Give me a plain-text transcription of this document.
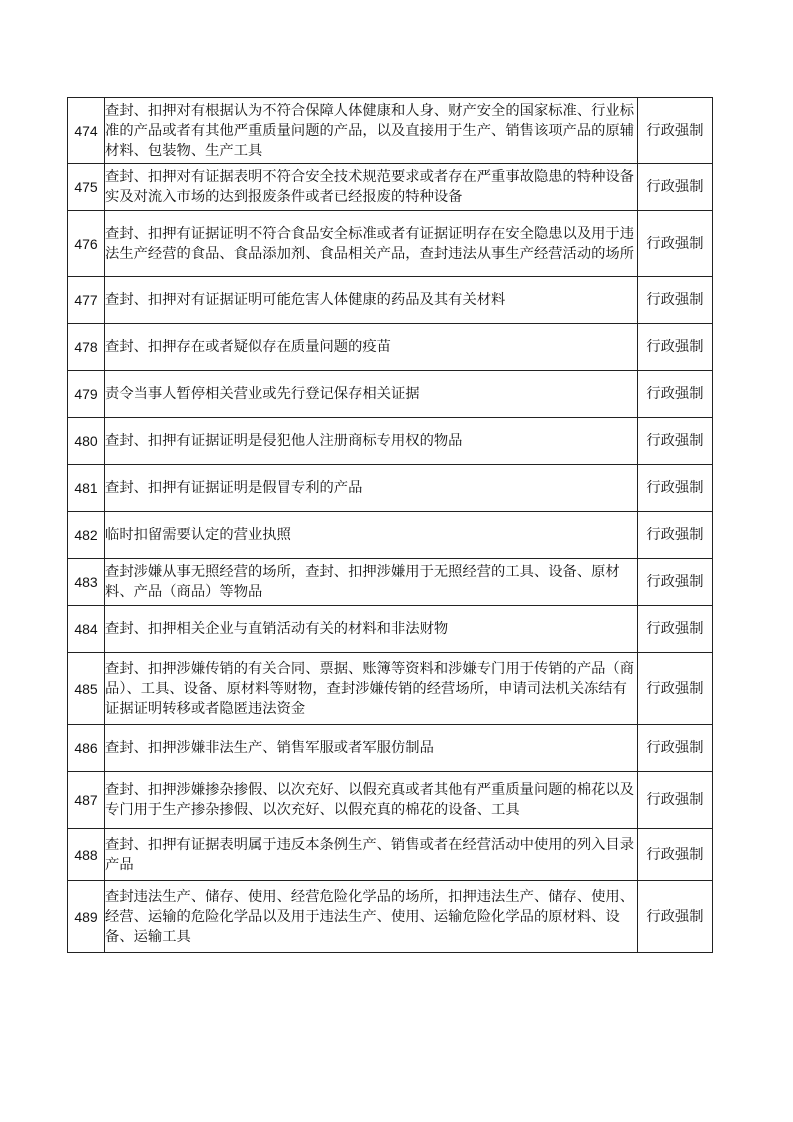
474	查封、扣押对有根据认为不符合保障人体健康和人身、财产安全的国家标准、行业标准的产品或者有其他严重质量问题的产品，以及直接用于生产、销售该项产品的原辅材料、包装物、生产工具	行政强制
475	查封、扣押对有证据表明不符合安全技术规范要求或者存在严重事故隐患的特种设备实及对流入市场的达到报废条件或者已经报废的特种设备	行政强制
476	查封、扣押有证据证明不符合食品安全标准或者有证据证明存在安全隐患以及用于违法生产经营的食品、食品添加剂、食品相关产品，查封违法从事生产经营活动的场所	行政强制
477	查封、扣押对有证据证明可能危害人体健康的药品及其有关材料	行政强制
478	查封、扣押存在或者疑似存在质量问题的疫苗	行政强制
479	责令当事人暂停相关营业或先行登记保存相关证据	行政强制
480	查封、扣押有证据证明是侵犯他人注册商标专用权的物品	行政强制
481	查封、扣押有证据证明是假冒专利的产品	行政强制
482	临时扣留需要认定的营业执照	行政强制
483	查封涉嫌从事无照经营的场所，查封、扣押涉嫌用于无照经营的工具、设备、原材料、产品（商品）等物品	行政强制
484	查封、扣押相关企业与直销活动有关的材料和非法财物	行政强制
485	查封、扣押涉嫌传销的有关合同、票据、账簿等资料和涉嫌专门用于传销的产品（商品）、工具、设备、原材料等财物，查封涉嫌传销的经营场所，申请司法机关冻结有证据证明转移或者隐匿违法资金	行政强制
486	查封、扣押涉嫌非法生产、销售军服或者军服仿制品	行政强制
487	查封、扣押涉嫌掺杂掺假、以次充好、以假充真或者其他有严重质量问题的棉花以及专门用于生产掺杂掺假、以次充好、以假充真的棉花的设备、工具	行政强制
488	查封、扣押有证据表明属于违反本条例生产、销售或者在经营活动中使用的列入目录产品	行政强制
489	查封违法生产、储存、使用、经营危险化学品的场所，扣押违法生产、储存、使用、经营、运输的危险化学品以及用于违法生产、使用、运输危险化学品的原材料、设备、运输工具	行政强制
